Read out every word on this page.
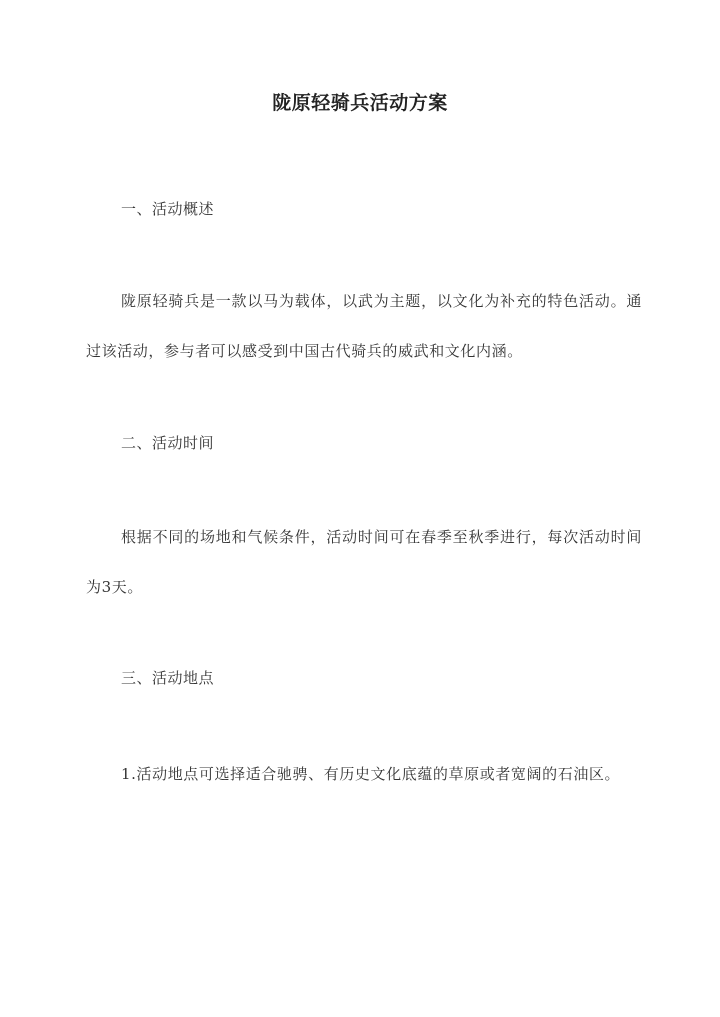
陇原轻骑兵活动方案
一、活动概述
陇原轻骑兵是一款以马为载体，以武为主题，以文化为补充的特色活动。通过该活动，参与者可以感受到中国古代骑兵的威武和文化内涵。
二、活动时间
根据不同的场地和气候条件，活动时间可在春季至秋季进行，每次活动时间为3天。
三、活动地点
1.活动地点可选择适合驰骋、有历史文化底蕴的草原或者宽阔的石油区。
